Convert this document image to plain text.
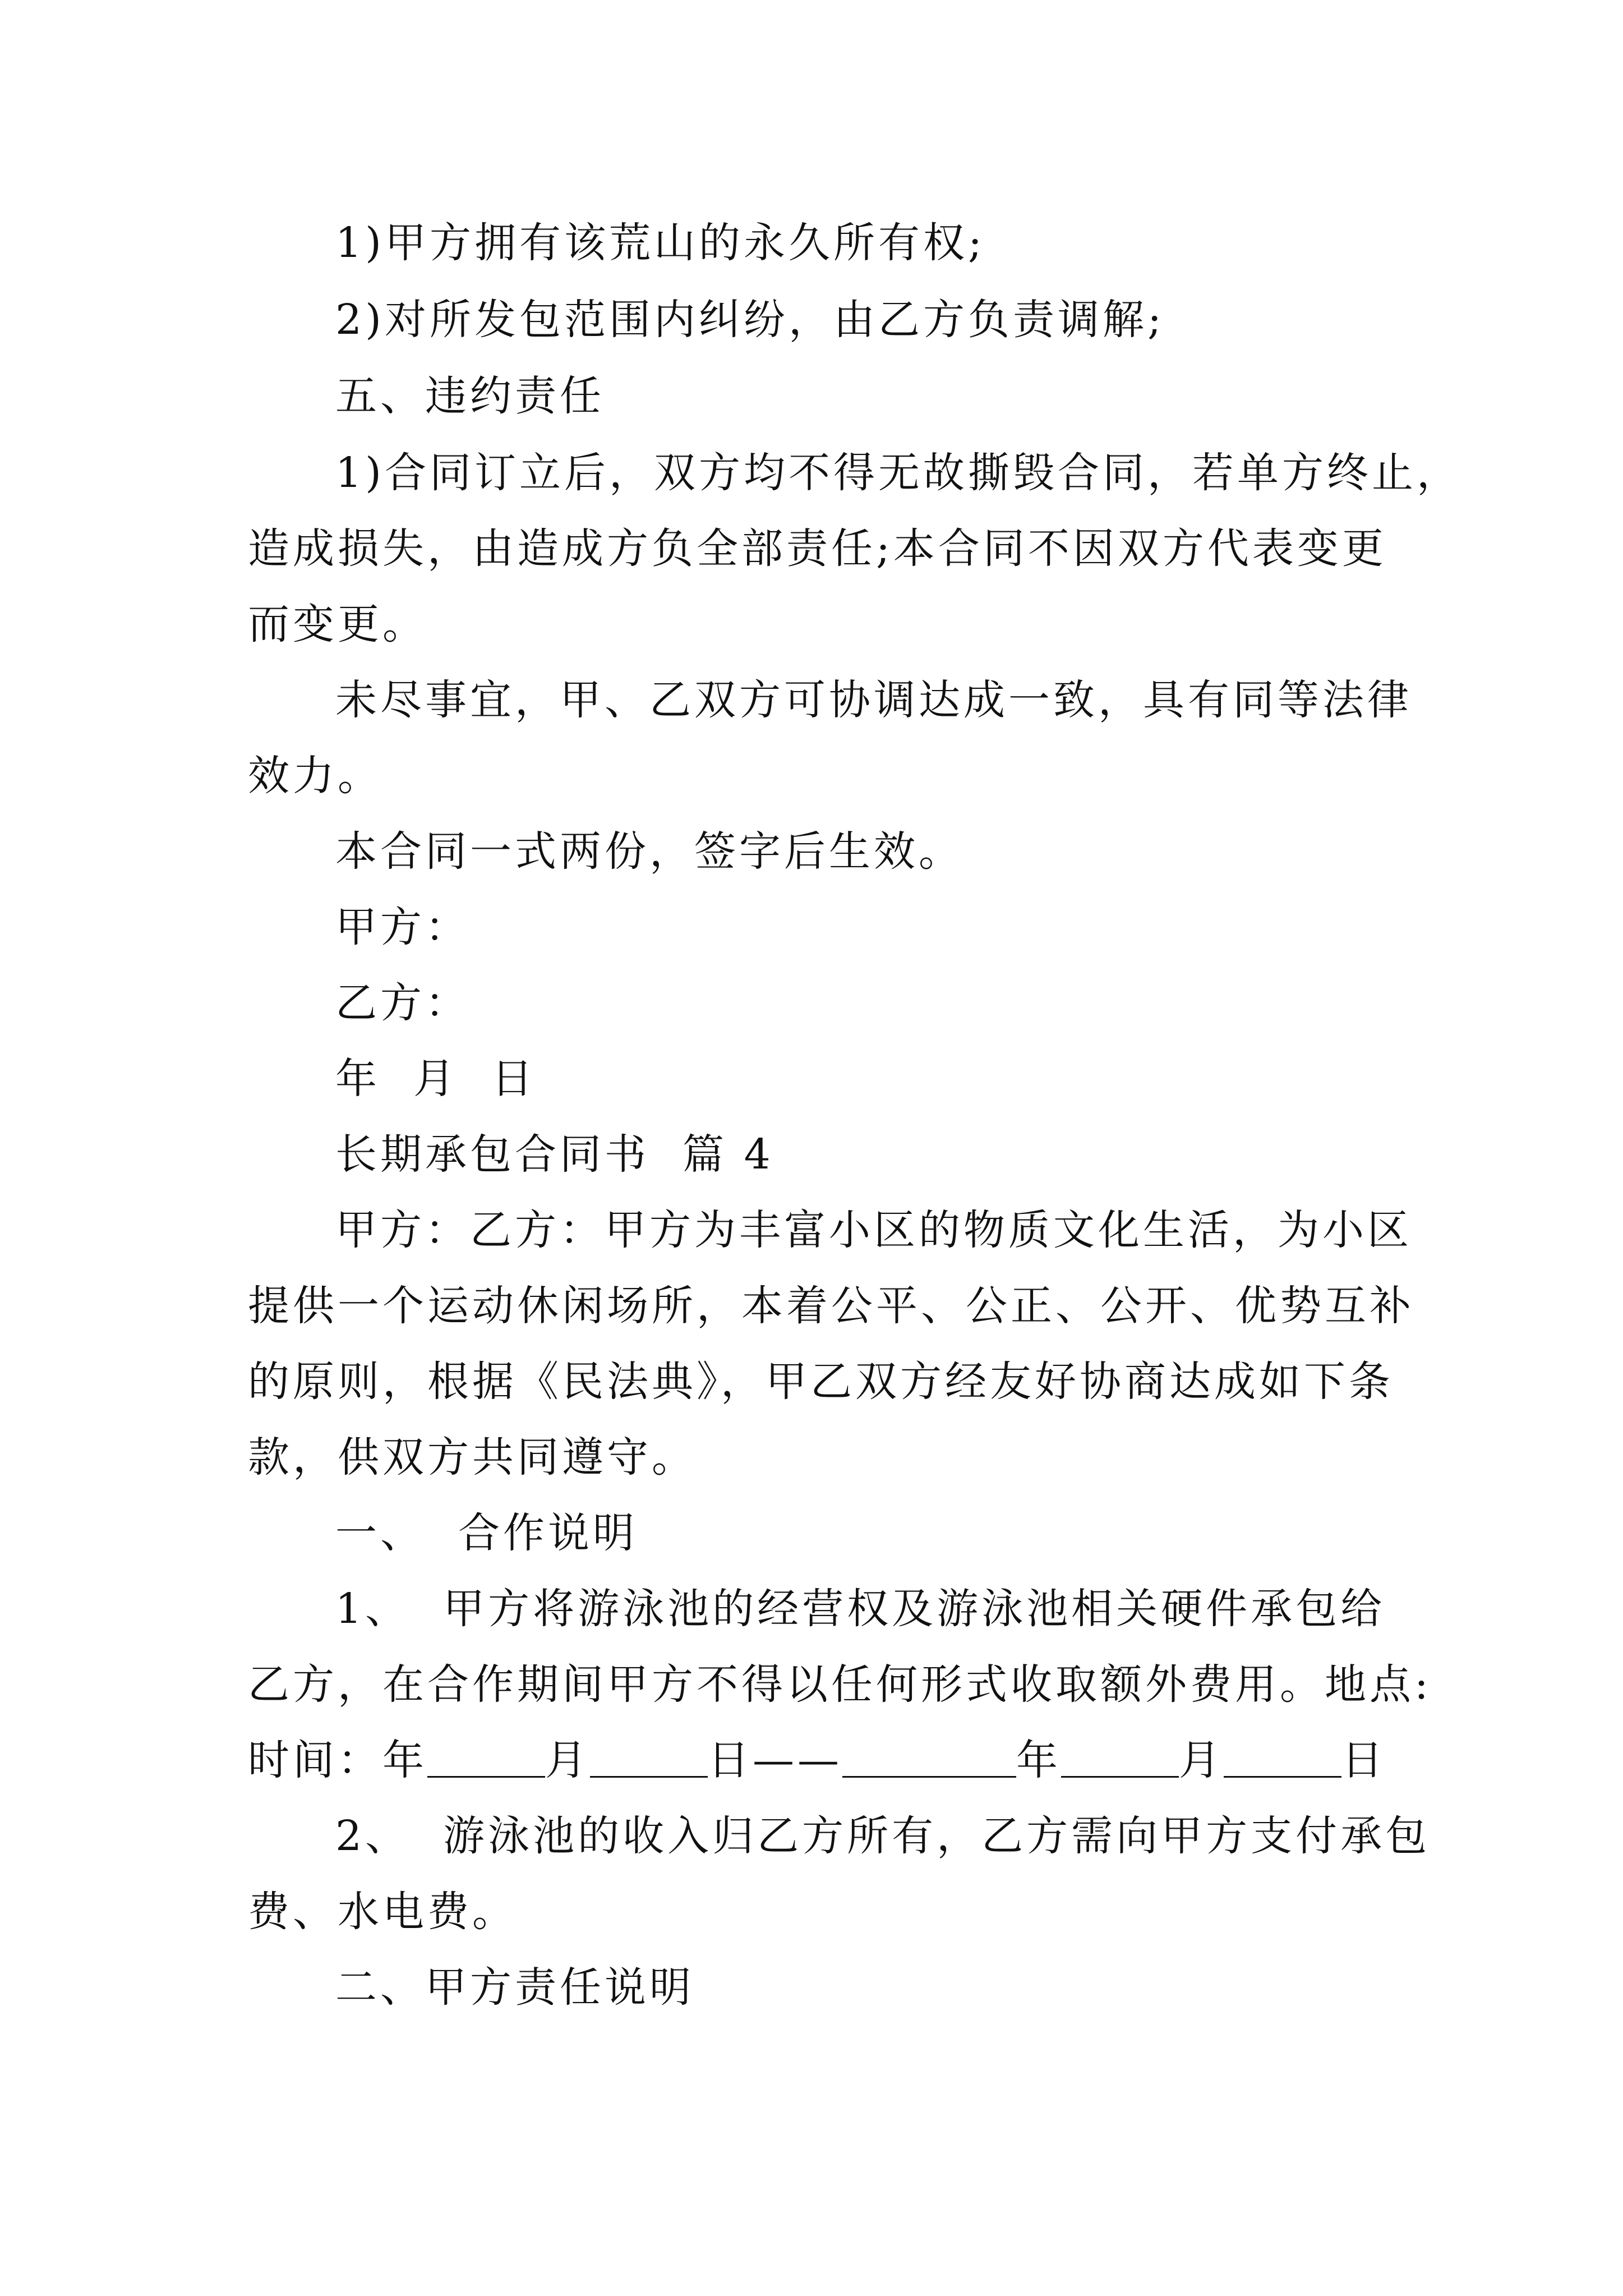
1)甲方拥有该荒山的永久所有权;
2)对所发包范围内纠纷，由乙方负责调解;
五、违约责任
1)合同订立后，双方均不得无故撕毁合同，若单方终止，
造成损失，由造成方负全部责任;本合同不因双方代表变更
而变更。
未尽事宜，甲、乙双方可协调达成一致，具有同等法律
效力。
本合同一式两份，签字后生效。
甲方：
乙方：
年  月  日
长期承包合同书  篇 4
甲方：乙方：甲方为丰富小区的物质文化生活，为小区
提供一个运动休闲场所，本着公平、公正、公开、优势互补
的原则，根据《民法典》，甲乙双方经友好协商达成如下条
款，供双方共同遵守。
一、  合作说明
1、  甲方将游泳池的经营权及游泳池相关硬件承包给
乙方，在合作期间甲方不得以任何形式收取额外费用。地点:
时间：年	月	日——	年	月	日
2、  游泳池的收入归乙方所有，乙方需向甲方支付承包
费、水电费。
二、甲方责任说明
